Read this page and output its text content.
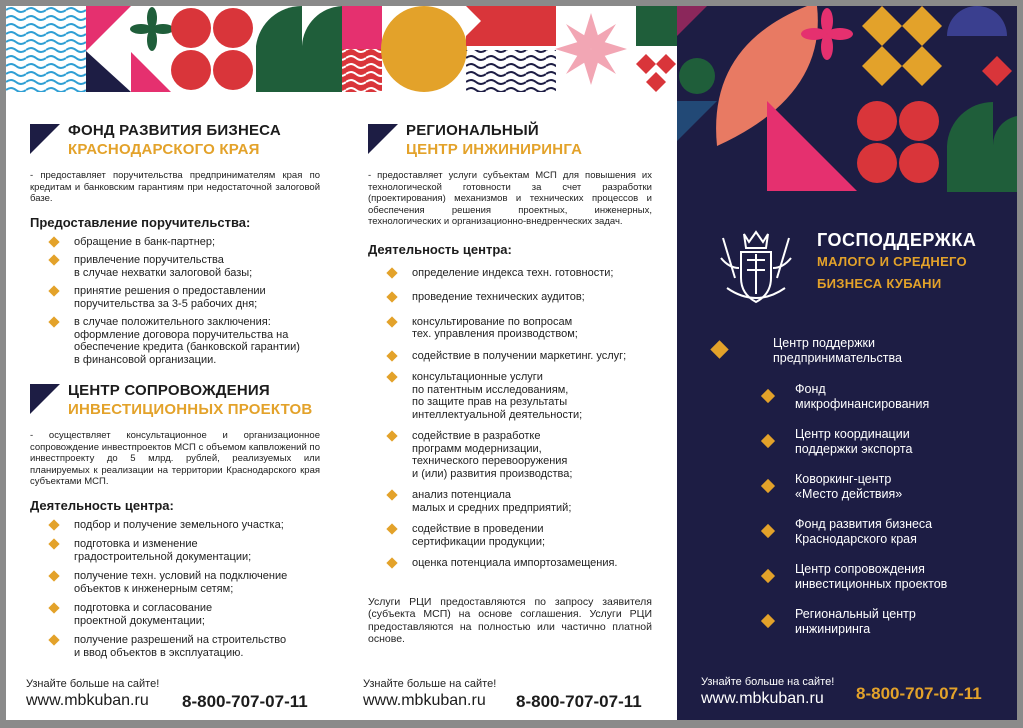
ФОНД РАЗВИТИЯ БИЗНЕСА
КРАСНОДАРСКОГО КРАЯ
- предоставляет поручительства предпринимателям края по кредитам и банковским гарантиям при недостаточной залоговой базе.
Предоставление поручительства:
обращение в банк-партнер;
привлечение поручительства
в случае нехватки залоговой базы;
принятие решения о предоставлении
поручительства за 3-5 рабочих дня;
в случае положительного заключения:
оформление договора поручительства на
обеспечение кредита (банковской гарантии)
в финансовой организации.
ЦЕНТР СОПРОВОЖДЕНИЯ
ИНВЕСТИЦИОННЫХ ПРОЕКТОВ
- осуществляет консультационное и организационное сопровождение инвестпроектов МСП с объемом капвложений по инвестпроекту до 5 млрд. рублей, реализуемых или планируемых к реализации на территории Краснодарского края субъектами МСП.
Деятельность центра:
подбор и получение земельного участка;
подготовка и изменение
градостроительной документации;
получение техн. условий на подключение
объектов к инженерным сетям;
подготовка и согласование
проектной документации;
получение разрешений на строительство
и ввод объектов в эксплуатацию.
Узнайте больше на сайте!
www.mbkuban.ru	8-800-707-07-11
РЕГИОНАЛЬНЫЙ
ЦЕНТР ИНЖИНИРИНГА
- предоставляет услуги субъектам МСП для повышения их технологической готовности за счет разработки (проектирования) механизмов и технических процессов и обеспечения решения проектных, инженерных, технологических и организационно-внедренческих задач.
Деятельность центра:
определение индекса техн. готовности;
проведение технических аудитов;
консультирование по вопросам
тех. управления производством;
содействие в получении маркетинг. услуг;
консультационные услуги
по патентным исследованиям,
по защите прав на результаты
интеллектуальной деятельности;
содействие в разработке
программ модернизации,
технического перевооружения
и (или) развития производства;
анализ потенциала
малых и средних предприятий;
содействие в проведении
сертификации продукции;
оценка потенциала импортозамещения.
Услуги РЦИ предоставляются по запросу заявителя (субъекта МСП) на основе соглашения. Услуги РЦИ предоставляются на полностью или частично платной основе.
Узнайте больше на сайте!
www.mbkuban.ru	8-800-707-07-11
ГОСПОДДЕРЖКА
МАЛОГО И СРЕДНЕГО
БИЗНЕСА КУБАНИ
Центр поддержки
предпринимательства
Фонд
микрофинансирования
Центр координации
поддержки экспорта
Коворкинг-центр
«Место действия»
Фонд развития бизнеса
Краснодарского края
Центр сопровождения
инвестиционных проектов
Региональный центр
инжиниринга
Узнайте больше на сайте!
www.mbkuban.ru	8-800-707-07-11
